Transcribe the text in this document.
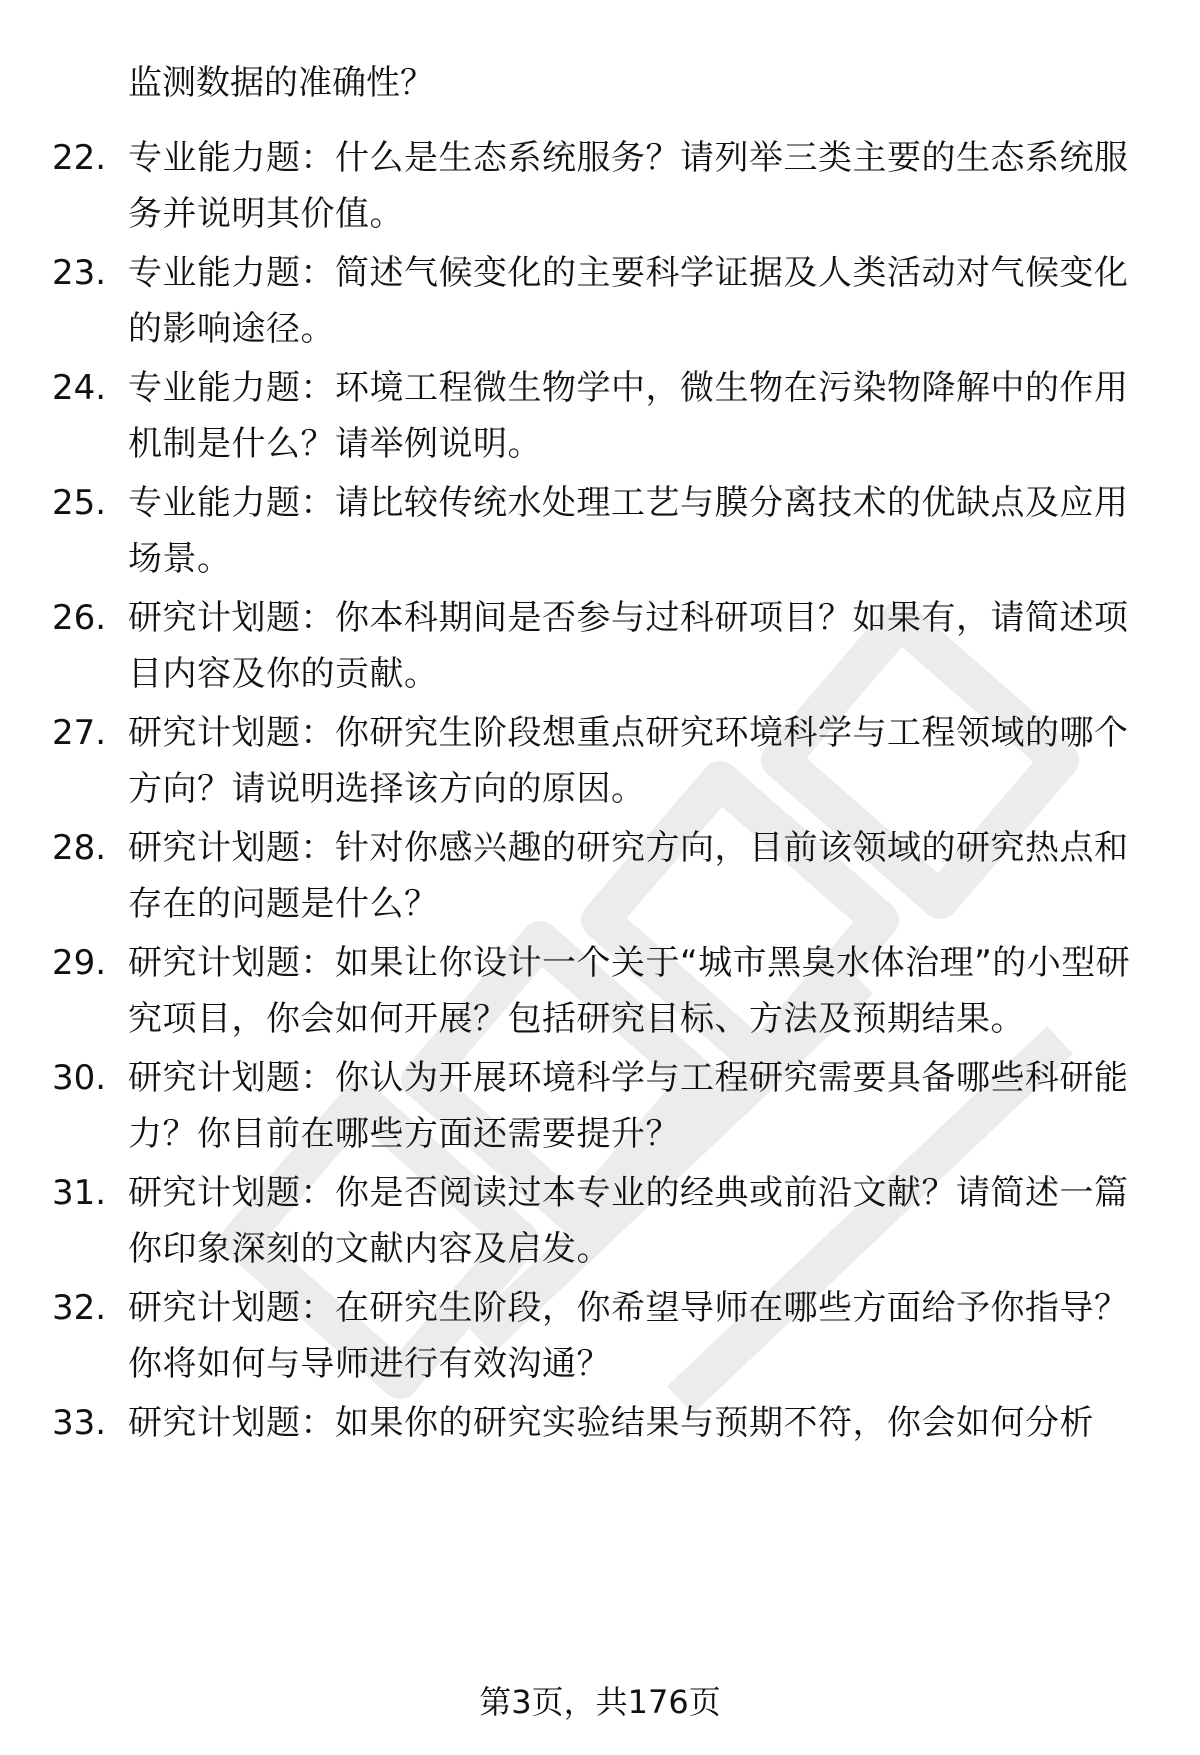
监测数据的准确性？
22. 专业能力题：什么是生态系统服务？请列举三类主要的生态系统服务并说明其价值。
23. 专业能力题：简述气候变化的主要科学证据及人类活动对气候变化的影响途径。
24. 专业能力题：环境工程微生物学中，微生物在污染物降解中的作用机制是什么？请举例说明。
25. 专业能力题：请比较传统水处理工艺与膜分离技术的优缺点及应用场景。
26. 研究计划题：你本科期间是否参与过科研项目？如果有，请简述项目内容及你的贡献。
27. 研究计划题：你研究生阶段想重点研究环境科学与工程领域的哪个方向？请说明选择该方向的原因。
28. 研究计划题：针对你感兴趣的研究方向，目前该领域的研究热点和存在的问题是什么？
29. 研究计划题：如果让你设计一个关于“城市黑臭水体治理”的小型研究项目，你会如何开展？包括研究目标、方法及预期结果。
30. 研究计划题：你认为开展环境科学与工程研究需要具备哪些科研能力？你目前在哪些方面还需要提升？
31. 研究计划题：你是否阅读过本专业的经典或前沿文献？请简述一篇你印象深刻的文献内容及启发。
32. 研究计划题：在研究生阶段，你希望导师在哪些方面给予你指导？你将如何与导师进行有效沟通？
33. 研究计划题：如果你的研究实验结果与预期不符，你会如何分析
第3页，共176页
